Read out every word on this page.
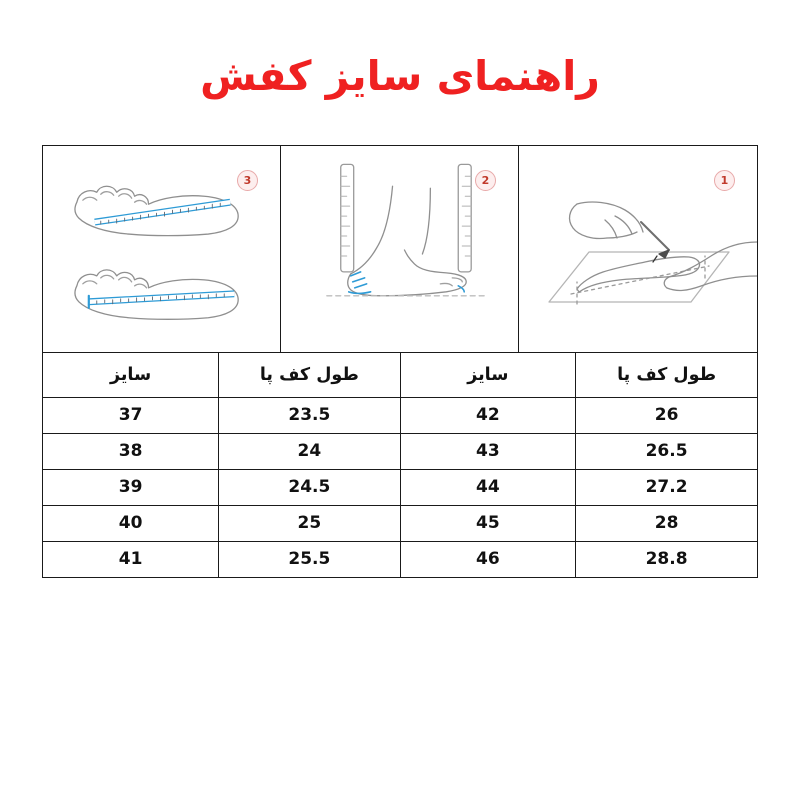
راهنمای سایز کفش
1
2
3
طول کف پا	سایز	طول کف پا	سایز
26	42	23.5	37
26.5	43	24	38
27.2	44	24.5	39
28	45	25	40
28.8	46	25.5	41
